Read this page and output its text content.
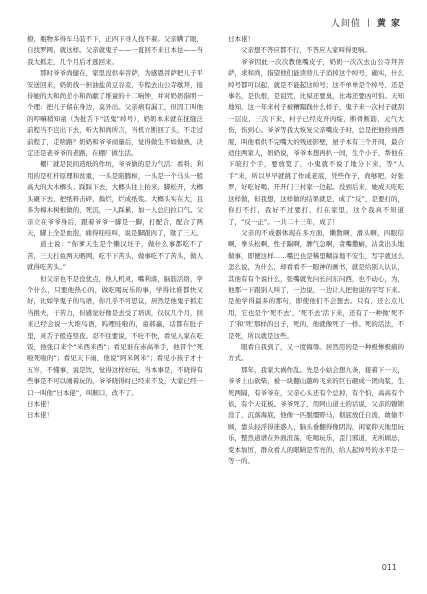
人间值 丨 黄 家

撩，瓶物多得车马装不下，正四下寻人找不着。父亲瞒了眼，自找罗网，就这样。父亲就鬼子——一直回不来日本住——当我大抓走，几个月后才逃回来。

那时爷爷尚健在，家里没供奉菩萨，为感恩菩萨把儿子平安送回来，奶奶找一担油盐黄豆谷麦，专程去山公寺歇拜，接待她的大和尚差小和尚献了堆童的十二响钟，并对奶奶指明一个理：把儿子留在身边，莫外出。父亲病有漏工，但因工叫他的哼嘛稍知童（为批舌下“活鬼”绰号），奶奶本来就在抚缝泛前程当不岂出下去，听大和尚所言，当机立断回了头，不走过前程了，走啥路？奶奶和爷爷商量后，觉得做生不如做熟，决定还是老爷爷的老路，在棚厂做生活。

棚厂就是民间造纸的作坊，爷爷做的是力气活：看料、利用的是杠杆原理和贫重，一头是陷腾枢，一头是一个马头一般高大的大木榔头；踩踩下去，大榔头往上抬来，脚松开，大榔头砸下去，把纸料击碎、捣烂，烂成纸浆。大榔头实在大，且多为樟木树根做的，死沉，一人踩累，加一人总归拉口气。父亲立在爷爷身后，跟着爷爷一脚是一脚，打配合，配合了两天，脚上全是血泡，痛得哇哇叫，说是脚跟肉了，歇了三天。

道士说：“你爹天生是个懒汉坯子，做什么事都吃不了苦，三天打鱼两天晒网，吃不下苦头，做事吃不了苦头，做人就得吃苦头。”

但父亲也不是没优点，他人机灵，嘴利落，脑筋活络，学个什么，只要他热心的，做吃喝玩乐的事，学得比谁都快又好，比如学鬼子的鸟语，你几乎不可思议，居然是他鬼子抓走当挑夫，干苦力，但感觉好像是去受了培训，仅仅几个月，回来已经会说一大堆鸟语，呜哩哇啦的，童郝赢，话都在肚子里，灵舌子般连竖夜。忍不住要说，不吐不快，看见人家在吃饭，他张口来个“米西米西”；看见谁在赤高举手，他冒个“死啦死啦的”；看见天下雨，他说“阿米阿米”；看见小孩子才十五岁，不懂事，说是饮，觉得这样好玩，当本事是，不晓得有些事是不可以闹着玩的。爷爷晓得时已经来不及，大家已经一口一叫他“日本佬”，叫顺口，改不了。

日本佬！

日本佬！

日本佬！

父亲想不答应都不行，不答应人家叫得更响。

爷爷因此一次次教他嘴皮子，奶奶一次次去山公寺拜菩萨，求和尚，指望他们能读替儿子消掉这个绰号，确实，什么绰号都可以起，就是不能起这绰号；这不单单是个绰号，还是事名，是仇恨，是诅咒，比屎还要臭，比毒还要凶可怕。天知地知，这一年来村子被糟蹋践什么样子，鬼子来一次村子就刮一层皮，三次下来，村子已经皮开肉绽，断骨断筋，元气大伤，伤到心。爷爷等我大恢复父亲嘴皮子时，总是把他拎到西厦，叫他看供不完嘴大的残迹影壁，屋子本有三个开间，最合适住两家人，奶奶说，爷爷本想再扒一间，生个小子，帮他在下皖打个手，要放宽了，小鬼就不说了地分下来，等“人手”来，所以早早就挑了作成老底，凭些作子，尚够吧，好张罗，好吃好喝，开开门三村家一边起。没到后来，她成天吃吃这样做，但我想，这样做的结果就是，成了“反”，是要打的，你打不打，我好不过要打，打在家里，这个我真不知道了，“反一正”。一共二十三年，成了！

父亲的不成器体现在多方面，懒散啊，滑头啊，四眼信啊，拳头松啊，性子踹啊，脾气急啊，贪嘴撒癖，沾贪出头地做事，即便这样……嘴巴也是稀里糊涂地不安生，写字就这么怎么说，为什么，却看看不一眼神的画书，就是给别人认认，其他有有个说什么，张嘴就先问长问东问西，也不动心，为，他那一下跟别人叫了，一边说，一边让人把他说的字写下来。是他学得最多的那句，即使他们不会想去。只有，还么点儿用，它也是个‘死不去’，‘死不去’活下来，还有了一种像‘死不了’和‘死’那样的日子，死的，他就像死了一样。死的活法，不是死，所以就是这些。

眼看自我到了，又一度侮辱。居然用的是一种极惨极痛的方式。

那年，我家大祸作乱。先是小姑会想九条，接着下一天，爷爷上山砍柴，被一块翻山越岭飞来的巨石砸成一团肉浆，生死两隔，有爷爷在，父亲心头还有个总掉，有个怕，高高有个依，有个天花板。爷爷死了，用阿山道士的话说，父亲的镣锁没了，沉落海底，他像一匹脱缰野马，彻底放任自流，敢偷不顾，靠头轻浮得迷惑人，脑头垂翻得像阴沟，闲家仰天地里玩乐，整然道谱在外面浪荡，吃喝玩乐，歪门邪道，无所顾忌，变本加厉，群众看人的眼睛是雪亮的，给人起绰号的水平是一等一的。

011
